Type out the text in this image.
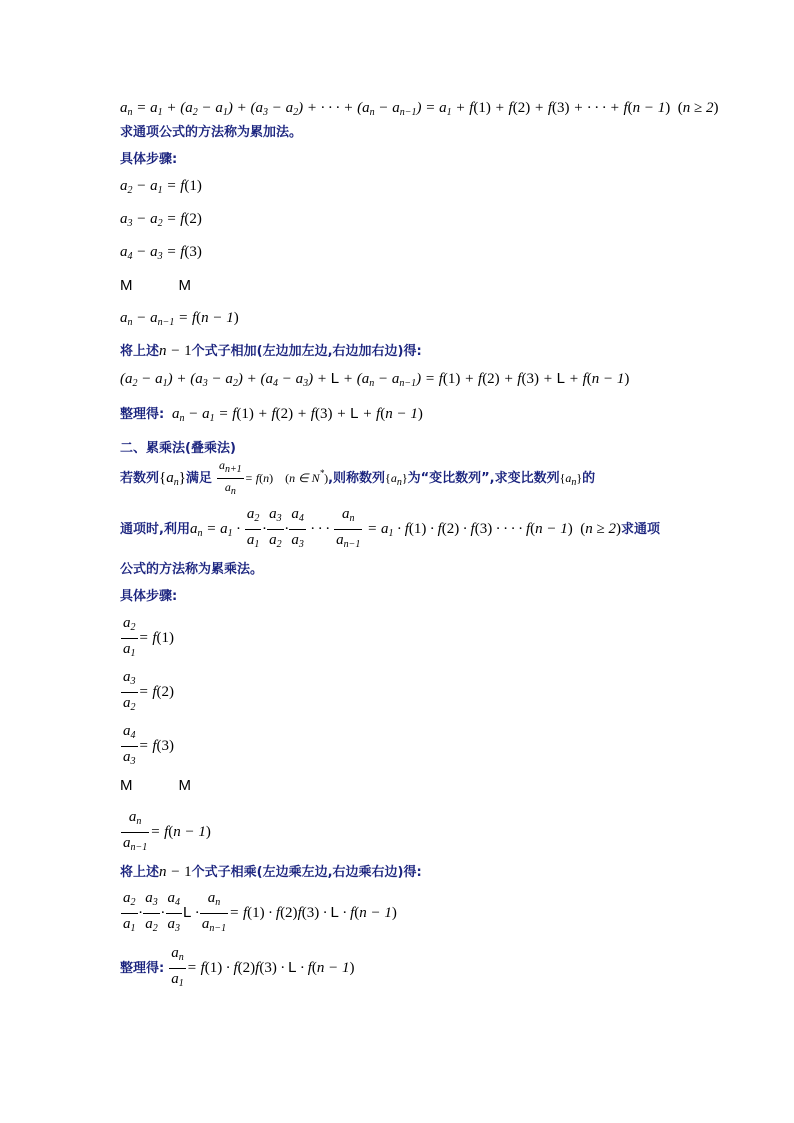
$a_n = a_1 + (a_2 - a_1) + (a_3 - a_2)$ + · · · + $(a_n - a_{n-1}) = a_1 + f(1) + f(2) + f(3)$ + · · · + f(n − 1) (n ≥ 2)
求通项公式的方法称为累加法。
具体步骤:
$a_2 - a_1 = f(1)$
$a_3 - a_2 = f(2)$
$a_4 - a_3 = f(3)$
M	M
$a_n - a_{n-1} = f(n - 1)$
将上述n − 1个式子相加(左边加左边,右边加右边)得:
$(a_2 - a_1) + (a_3 - a_2) + (a_4 - a_3) + L + (a_n - a_{n-1}) = f(1) + f(2) + f(3) + L + f(n - 1)$
整理得:  $a_n - a_1 = f(1) + f(2) + f(3) + L + f(n - 1)$
二、累乘法(叠乘法)
若数列$\{a_n\}$满足 $\frac{a_{n+1}}{a_n} = f(n)$ (n ∈ N*),则称数列$\{a_n\}$为“变比数列”,求变比数列$\{a_n\}$的
通项时,利用$a_n = a_1 \cdot \frac{a_2}{a_1} \cdot \frac{a_3}{a_2} \cdot \frac{a_4}{a_3}$ · · · $\frac{a_n}{a_{n-1}} = a_1 \cdot f(1) \cdot f(2) \cdot f(3)$ · · · · f(n − 1) (n ≥ 2)求通项
公式的方法称为累乘法。
具体步骤:
$\frac{a_2}{a_1} = f(1)$
$\frac{a_3}{a_2} = f(2)$
$\frac{a_4}{a_3} = f(3)$
M	M
$\frac{a_n}{a_{n-1}} = f(n - 1)$
将上述n − 1个式子相乘(左边乘左边,右边乘右边)得:
$\frac{a_2}{a_1} \cdot \frac{a_3}{a_2} \cdot \frac{a_4}{a_3}$ $L \cdot \frac{a_n}{a_{n-1}} = f(1) \cdot f(2)f(3) \cdot L \cdot f(n - 1)$
整理得: $\frac{a_n}{a_1} = f(1) \cdot f(2)f(3) \cdot L \cdot f(n - 1)$
